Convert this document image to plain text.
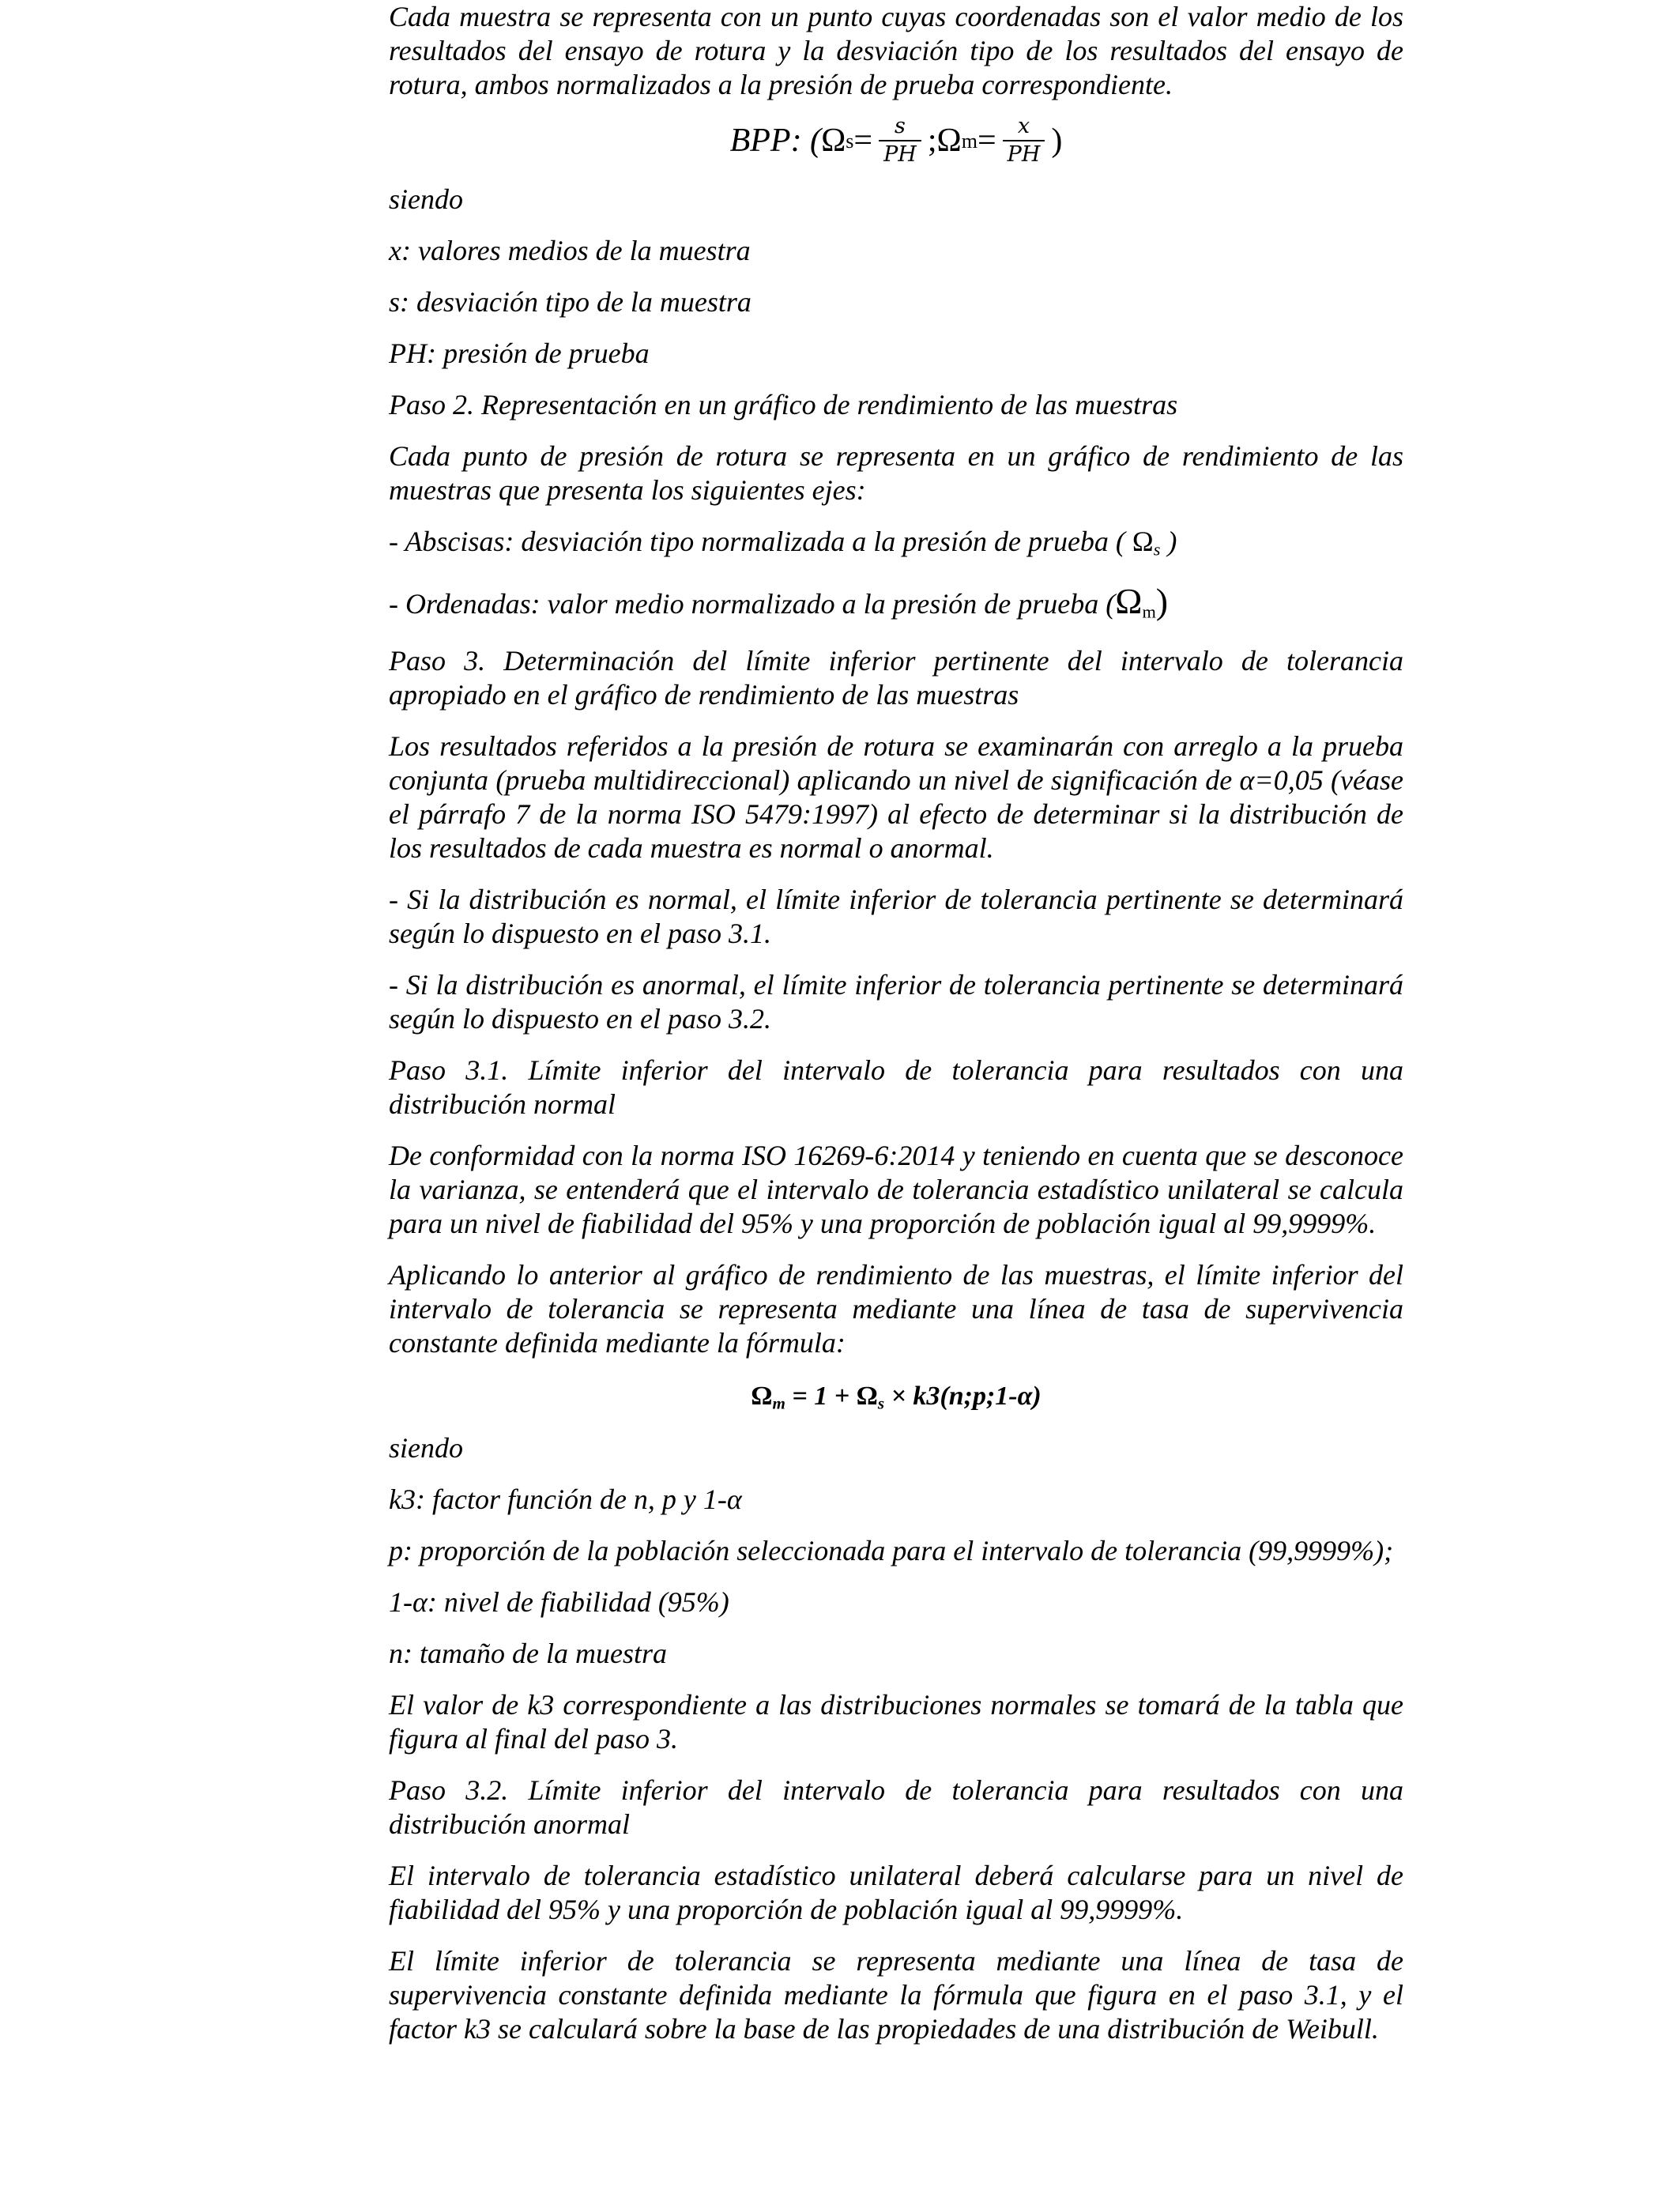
Cada muestra se representa con un punto cuyas coordenadas son el valor medio de los resultados del ensayo de rotura y la desviación tipo de los resultados del ensayo de rotura, ambos normalizados a la presión de prueba correspondiente.

BPP: ( Ω $s = \frac{s}{PH}$ ; Ω $m = \frac{x}{PH}$ )

siendo

x: valores medios de la muestra

s: desviación tipo de la muestra

PH: presión de prueba

Paso 2. Representación en un gráfico de rendimiento de las muestras

Cada punto de presión de rotura se representa en un gráfico de rendimiento de las muestras que presenta los siguientes ejes:

- Abscisas: desviación tipo normalizada a la presión de prueba ( $\Omega_s$ )

- Ordenadas: valor medio normalizado a la presión de prueba $(\Omega_m)$

Paso 3. Determinación del límite inferior pertinente del intervalo de tolerancia apropiado en el gráfico de rendimiento de las muestras

Los resultados referidos a la presión de rotura se examinarán con arreglo a la prueba conjunta (prueba multidireccional) aplicando un nivel de significación de α=0,05 (véase el párrafo 7 de la norma ISO 5479:1997) al efecto de determinar si la distribución de los resultados de cada muestra es normal o anormal.

- Si la distribución es normal, el límite inferior de tolerancia pertinente se determinará según lo dispuesto en el paso 3.1.

- Si la distribución es anormal, el límite inferior de tolerancia pertinente se determinará según lo dispuesto en el paso 3.2.

Paso 3.1. Límite inferior del intervalo de tolerancia para resultados con una distribución normal

De conformidad con la norma ISO 16269-6:2014 y teniendo en cuenta que se desconoce la varianza, se entenderá que el intervalo de tolerancia estadístico unilateral se calcula para un nivel de fiabilidad del 95% y una proporción de población igual al 99,9999%.

Aplicando lo anterior al gráfico de rendimiento de las muestras, el límite inferior del intervalo de tolerancia se representa mediante una línea de tasa de supervivencia constante definida mediante la fórmula:

$\Omega_m = 1 + \Omega_s$ × k3(n;p;1-α)

siendo

k3: factor función de n, p y 1-α

p: proporción de la población seleccionada para el intervalo de tolerancia (99,9999%);

1-α: nivel de fiabilidad (95%)

n: tamaño de la muestra

El valor de k3 correspondiente a las distribuciones normales se tomará de la tabla que figura al final del paso 3.

Paso 3.2. Límite inferior del intervalo de tolerancia para resultados con una distribución anormal

El intervalo de tolerancia estadístico unilateral deberá calcularse para un nivel de fiabilidad del 95% y una proporción de población igual al 99,9999%.

El límite inferior de tolerancia se representa mediante una línea de tasa de supervivencia constante definida mediante la fórmula que figura en el paso 3.1, y el factor k3 se calculará sobre la base de las propiedades de una distribución de Weibull.
